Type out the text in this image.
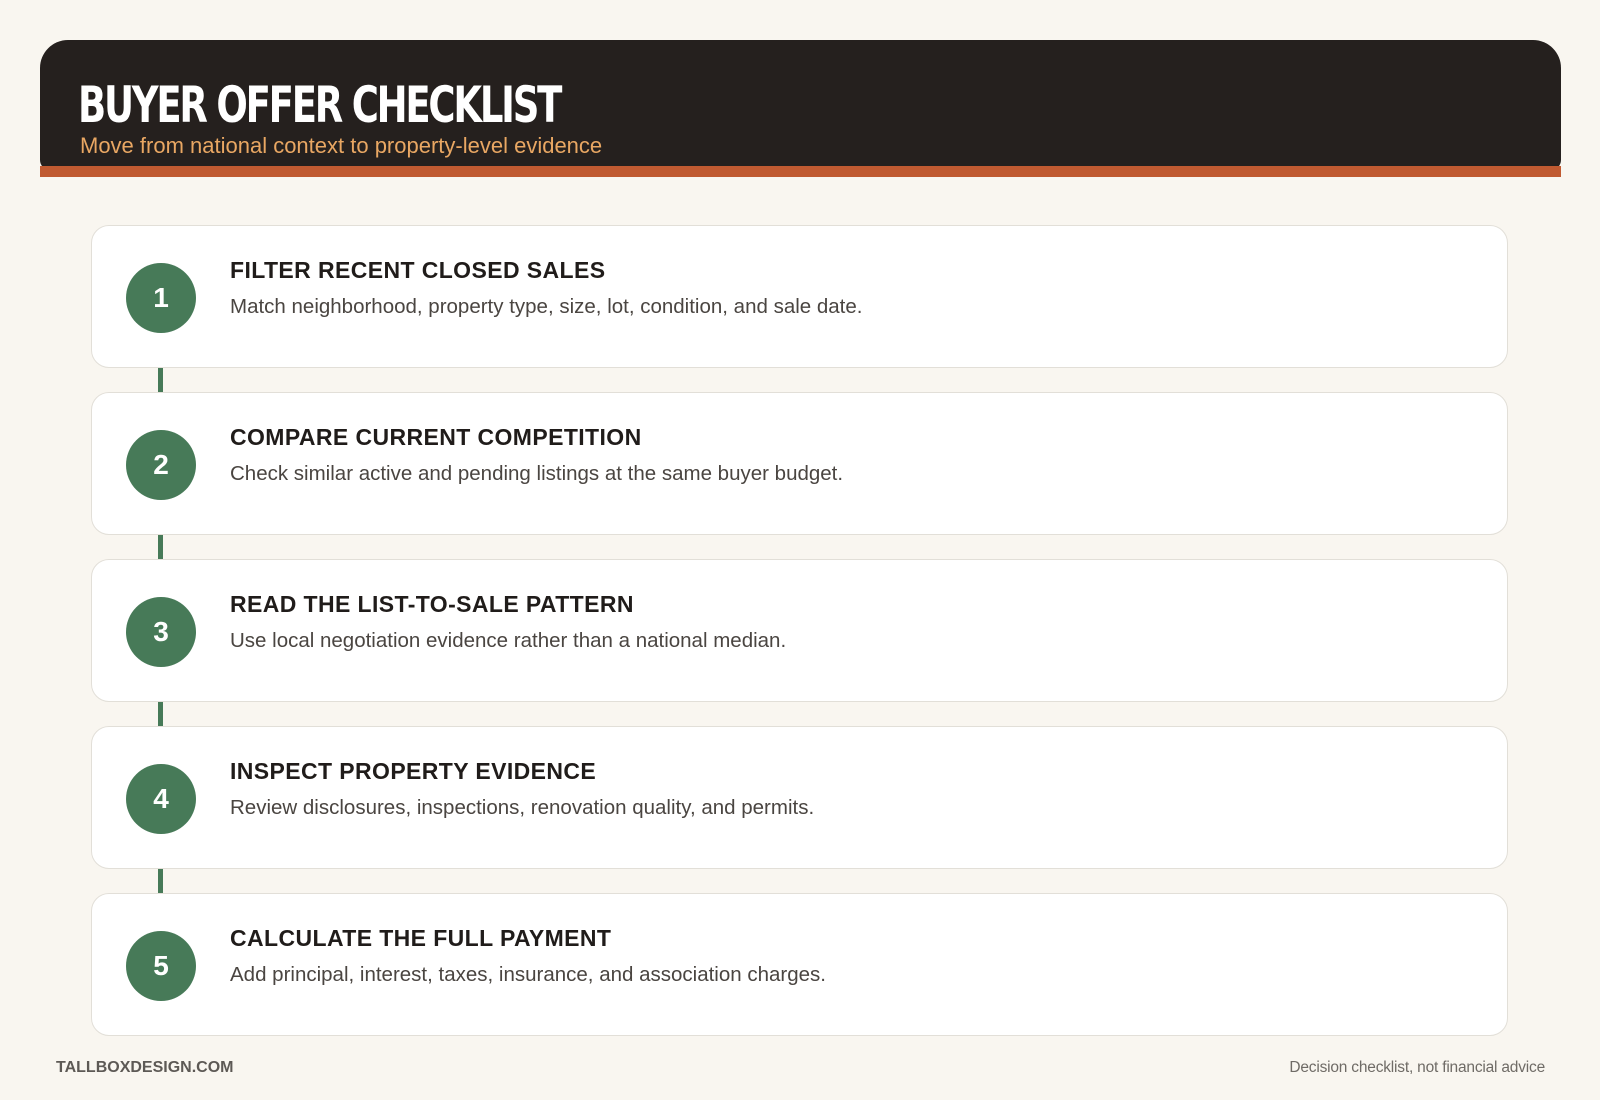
BUYER OFFER CHECKLIST

Move from national context to property-level evidence

1
FILTER RECENT CLOSED SALES

Match neighborhood, property type, size, lot, condition, and sale date.

2
COMPARE CURRENT COMPETITION

Check similar active and pending listings at the same buyer budget.

3
READ THE LIST-TO-SALE PATTERN

Use local negotiation evidence rather than a national median.

4
INSPECT PROPERTY EVIDENCE

Review disclosures, inspections, renovation quality, and permits.

5
CALCULATE THE FULL PAYMENT

Add principal, interest, taxes, insurance, and association charges.

TALLBOXDESIGN.COM	Decision checklist, not financial advice
